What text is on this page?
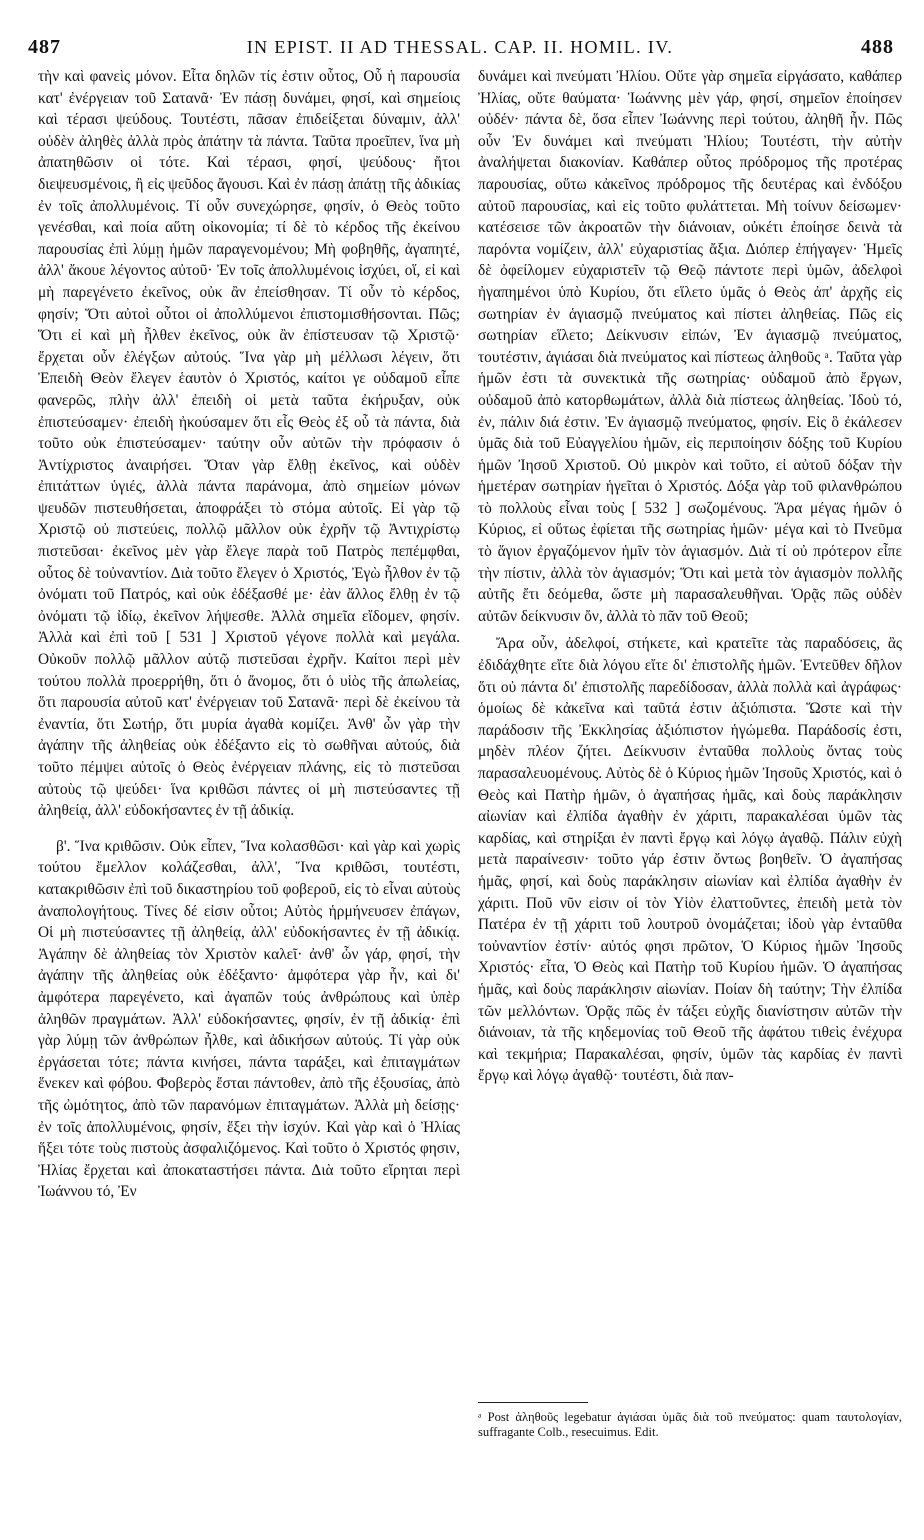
487	IN EPIST. II AD THESSAL. CAP. II. HOMIL. IV.	488

τὴν καὶ φανεὶς μόνον. Εἶτα δηλῶν τίς ἐστιν οὗτος, Οὗ ἡ παρουσία κατ' ἐνέργειαν τοῦ Σατανᾶ· Ἐν πάσῃ δυνάμει, φησί, καὶ σημείοις καὶ τέρασι ψεύδους. Τουτέστι, πᾶσαν ἐπιδείξεται δύναμιν, ἀλλ' οὐδὲν ἀληθὲς ἀλλὰ πρὸς ἀπάτην τὰ πάντα. Ταῦτα προεῖπεν, ἵνα μὴ ἀπατηθῶσιν οἱ τότε. Καὶ τέρασι, φησί, ψεύδους· ἤτοι διεψευσμένοις, ἢ εἰς ψεῦδος ἄγουσι. Καὶ ἐν πάσῃ ἀπάτῃ τῆς ἀδικίας ἐν τοῖς ἀπολλυμένοις. Τί οὖν συνεχώρησε, φησίν, ὁ Θεὸς τοῦτο γενέσθαι, καὶ ποία αὕτη οἰκονομία; τί δὲ τὸ κέρδος τῆς ἐκείνου παρουσίας ἐπὶ λύμῃ ἡμῶν παραγενομένου; Μὴ φοβηθῆς, ἀγαπητέ, ἀλλ' ἄκουε λέγοντος αὐτοῦ· Ἐν τοῖς ἀπολλυμένοις ἰσχύει, οἵ, εἰ καὶ μὴ παρεγένετο ἐκεῖνος, οὐκ ἂν ἐπείσθησαν. Τί οὖν τὸ κέρδος, φησίν; Ὅτι αὐτοὶ οὗτοι οἱ ἀπολλύμενοι ἐπιστομισθήσονται. Πῶς; Ὅτι εἰ καὶ μὴ ἦλθεν ἐκεῖνος, οὐκ ἂν ἐπίστευσαν τῷ Χριστῷ· ἔρχεται οὖν ἐλέγξων αὐτούς. Ἵνα γὰρ μὴ μέλλωσι λέγειν, ὅτι Ἐπειδὴ Θεὸν ἔλεγεν ἑαυτὸν ὁ Χριστός, καίτοι γε οὐδαμοῦ εἶπε φανερῶς, πλὴν ἀλλ' ἐπειδὴ οἱ μετὰ ταῦτα ἐκήρυξαν, οὐκ ἐπιστεύσαμεν· ἐπειδὴ ἠκούσαμεν ὅτι εἷς Θεὸς ἐξ οὗ τὰ πάντα, διὰ τοῦτο οὐκ ἐπιστεύσαμεν· ταύτην οὖν αὐτῶν τὴν πρόφασιν ὁ Ἀντίχριστος ἀναιρήσει. Ὅταν γὰρ ἔλθῃ ἐκεῖνος, καὶ οὐδὲν ἐπιτάττων ὑγιές, ἀλλὰ πάντα παράνομα, ἀπὸ σημείων μόνων ψευδῶν πιστευθήσεται, ἀποφράξει τὸ στόμα αὐτοῖς. Εἰ γὰρ τῷ Χριστῷ οὐ πιστεύεις, πολλῷ μᾶλλον οὐκ ἐχρῆν τῷ Ἀντιχρίστῳ πιστεῦσαι· ἐκεῖνος μὲν γὰρ ἔλεγε παρὰ τοῦ Πατρὸς πεπέμφθαι, οὗτος δὲ τοὐναντίον. Διὰ τοῦτο ἔλεγεν ὁ Χριστός, Ἐγὼ ἦλθον ἐν τῷ ὀνόματι τοῦ Πατρός, καὶ οὐκ ἐδέξασθέ με· ἐὰν ἄλλος ἔλθῃ ἐν τῷ ὀνόματι τῷ ἰδίῳ, ἐκεῖνον λήψεσθε. Ἀλλὰ σημεῖα εἴδομεν, φησίν. Ἀλλὰ καὶ ἐπὶ τοῦ [ 531 ] Χριστοῦ γέγονε πολλὰ καὶ μεγάλα. Οὐκοῦν πολλῷ μᾶλλον αὐτῷ πιστεῦσαι ἐχρῆν. Καίτοι περὶ μὲν τούτου πολλὰ προερρήθη, ὅτι ὁ ἄνομος, ὅτι ὁ υἱὸς τῆς ἀπωλείας, ὅτι παρουσία αὐτοῦ κατ' ἐνέργειαν τοῦ Σατανᾶ· περὶ δὲ ἐκείνου τὰ ἐναντία, ὅτι Σωτήρ, ὅτι μυρία ἀγαθὰ κομίζει. Ἀνθ' ὧν γὰρ τὴν ἀγάπην τῆς ἀληθείας οὐκ ἐδέξαντο εἰς τὸ σωθῆναι αὐτούς, διὰ τοῦτο πέμψει αὐτοῖς ὁ Θεὸς ἐνέργειαν πλάνης, εἰς τὸ πιστεῦσαι αὐτοὺς τῷ ψεύδει· ἵνα κριθῶσι πάντες οἱ μὴ πιστεύσαντες τῇ ἀληθείᾳ, ἀλλ' εὐδοκήσαντες ἐν τῇ ἀδικίᾳ.

β'. Ἵνα κριθῶσιν. Οὐκ εἶπεν, Ἵνα κολασθῶσι· καὶ γὰρ καὶ χωρὶς τούτου ἔμελλον κολάζεσθαι, ἀλλ', Ἵνα κριθῶσι, τουτέστι, κατακριθῶσιν ἐπὶ τοῦ δικαστηρίου τοῦ φοβεροῦ, εἰς τὸ εἶναι αὐτοὺς ἀναπολογήτους. Τίνες δέ εἰσιν οὗτοι; Αὐτὸς ἡρμήνευσεν ἐπάγων, Οἱ μὴ πιστεύσαντες τῇ ἀληθείᾳ, ἀλλ' εὐδοκήσαντες ἐν τῇ ἀδικίᾳ. Ἀγάπην δὲ ἀληθείας τὸν Χριστὸν καλεῖ· ἀνθ' ὧν γάρ, φησί, τὴν ἀγάπην τῆς ἀληθείας οὐκ ἐδέξαντο· ἀμφότερα γὰρ ἦν, καὶ δι' ἀμφότερα παρεγένετο, καὶ ἀγαπῶν τούς ἀνθρώπους καὶ ὑπὲρ ἀληθῶν πραγμάτων. Ἀλλ' εὐδοκήσαντες, φησίν, ἐν τῇ ἀδικίᾳ· ἐπὶ γὰρ λύμῃ τῶν ἀνθρώπων ἦλθε, καὶ ἀδικήσων αὐτούς. Τί γὰρ οὐκ ἐργάσεται τότε; πάντα κινήσει, πάντα ταράξει, καὶ ἐπιταγμάτων ἕνεκεν καὶ φόβου. Φοβερὸς ἔσται πάντοθεν, ἀπὸ τῆς ἐξουσίας, ἀπὸ τῆς ὠμότητος, ἀπὸ τῶν παρανόμων ἐπιταγμάτων. Ἀλλὰ μὴ δείσῃς· ἐν τοῖς ἀπολλυμένοις, φησίν, ἕξει τὴν ἰσχύν. Καὶ γὰρ καὶ ὁ Ἠλίας ἥξει τότε τοὺς πιστοὺς ἀσφαλιζόμενος. Καὶ τοῦτο ὁ Χριστός φησιν, Ἠλίας ἔρχεται καὶ ἀποκαταστήσει πάντα. Διὰ τοῦτο εἴρηται περὶ Ἰωάννου τό, Ἐν

δυνάμει καὶ πνεύματι Ἠλίου. Οὔτε γὰρ σημεῖα εἰργάσατο, καθάπερ Ἠλίας, οὔτε θαύματα· Ἰωάννης μὲν γάρ, φησί, σημεῖον ἐποίησεν οὐδέν· πάντα δὲ, ὅσα εἶπεν Ἰωάννης περὶ τούτου, ἀληθῆ ἦν. Πῶς οὖν Ἐν δυνάμει καὶ πνεύματι Ἠλίου; Τουτέστι, τὴν αὐτὴν ἀναλήψεται διακονίαν. Καθάπερ οὗτος πρόδρομος τῆς προτέρας παρουσίας, οὕτω κἀκεῖνος πρόδρομος τῆς δευτέρας καὶ ἐνδόξου αὐτοῦ παρουσίας, καὶ εἰς τοῦτο φυλάττεται. Μὴ τοίνυν δείσωμεν· κατέσεισε τῶν ἀκροατῶν τὴν διάνοιαν, οὐκέτι ἐποίησε δεινὰ τὰ παρόντα νομίζειν, ἀλλ' εὐχαριστίας ἄξια. Διόπερ ἐπήγαγεν· Ἡμεῖς δὲ ὀφείλομεν εὐχαριστεῖν τῷ Θεῷ πάντοτε περὶ ὑμῶν, ἀδελφοὶ ἠγαπημένοι ὑπὸ Κυρίου, ὅτι εἵλετο ὑμᾶς ὁ Θεὸς ἀπ' ἀρχῆς εἰς σωτηρίαν ἐν ἁγιασμῷ πνεύματος καὶ πίστει ἀληθείας. Πῶς εἰς σωτηρίαν εἵλετο; Δείκνυσιν εἰπών, Ἐν ἁγιασμῷ πνεύματος, τουτέστιν, ἁγιάσαι διὰ πνεύματος καὶ πίστεως ἀληθοῦς ᵃ. Ταῦτα γὰρ ἡμῶν ἐστι τὰ συνεκτικὰ τῆς σωτηρίας· οὐδαμοῦ ἀπὸ ἔργων, οὐδαμοῦ ἀπὸ κατορθωμάτων, ἀλλὰ διὰ πίστεως ἀληθείας. Ἰδοὺ τό, ἐν, πάλιν διά ἐστιν. Ἐν ἁγιασμῷ πνεύματος, φησίν. Εἰς ὃ ἐκάλεσεν ὑμᾶς διὰ τοῦ Εὐαγγελίου ἡμῶν, εἰς περιποίησιν δόξης τοῦ Κυρίου ἡμῶν Ἰησοῦ Χριστοῦ. Οὐ μικρὸν καὶ τοῦτο, εἰ αὐτοῦ δόξαν τὴν ἡμετέραν σωτηρίαν ἡγεῖται ὁ Χριστός. Δόξα γὰρ τοῦ φιλανθρώπου τὸ πολλοὺς εἶναι τοὺς [ 532 ] σωζομένους. Ἄρα μέγας ἡμῶν ὁ Κύριος, εἰ οὕτως ἐφίεται τῆς σωτηρίας ἡμῶν· μέγα καὶ τὸ Πνεῦμα τὸ ἅγιον ἐργαζόμενον ἡμῖν τὸν ἁγιασμόν. Διὰ τί οὐ πρότερον εἶπε τὴν πίστιν, ἀλλὰ τὸν ἁγιασμόν; Ὅτι καὶ μετὰ τὸν ἁγιασμὸν πολλῆς αὐτῆς ἔτι δεόμεθα, ὥστε μὴ παρασαλευθῆναι. Ὁρᾷς πῶς οὐδὲν αὐτῶν δείκνυσιν ὄν, ἀλλὰ τὸ πᾶν τοῦ Θεοῦ;

Ἄρα οὖν, ἀδελφοί, στήκετε, καὶ κρατεῖτε τὰς παραδόσεις, ἃς ἐδιδάχθητε εἴτε διὰ λόγου εἴτε δι' ἐπιστολῆς ἡμῶν. Ἐντεῦθεν δῆλον ὅτι οὐ πάντα δι' ἐπιστολῆς παρεδίδοσαν, ἀλλὰ πολλὰ καὶ ἀγράφως· ὁμοίως δὲ κἀκεῖνα καὶ ταῦτά ἐστιν ἀξιόπιστα. Ὥστε καὶ τὴν παράδοσιν τῆς Ἐκκλησίας ἀξιόπιστον ἡγώμεθα. Παράδοσίς ἐστι, μηδὲν πλέον ζήτει. Δείκνυσιν ἐνταῦθα πολλοὺς ὄντας τοὺς παρασαλευομένους. Αὐτὸς δὲ ὁ Κύριος ἡμῶν Ἰησοῦς Χριστός, καὶ ὁ Θεὸς καὶ Πατὴρ ἡμῶν, ὁ ἀγαπήσας ἡμᾶς, καὶ δοὺς παράκλησιν αἰωνίαν καὶ ἐλπίδα ἀγαθὴν ἐν χάριτι, παρακαλέσαι ὑμῶν τὰς καρδίας, καὶ στηρίξαι ἐν παντὶ ἔργῳ καὶ λόγῳ ἀγαθῷ. Πάλιν εὐχὴ μετὰ παραίνεσιν· τοῦτο γάρ ἐστιν ὄντως βοηθεῖν. Ὁ ἀγαπήσας ἡμᾶς, φησί, καὶ δοὺς παράκλησιν αἰωνίαν καὶ ἐλπίδα ἀγαθὴν ἐν χάριτι. Ποῦ νῦν εἰσιν οἱ τὸν Υἱὸν ἐλαττοῦντες, ἐπειδὴ μετὰ τὸν Πατέρα ἐν τῇ χάριτι τοῦ λουτροῦ ὀνομάζεται; ἰδοὺ γὰρ ἐνταῦθα τοὐναντίον ἐστίν· αὐτός φησι πρῶτον, Ὁ Κύριος ἡμῶν Ἰησοῦς Χριστός· εἶτα, Ὁ Θεὸς καὶ Πατὴρ τοῦ Κυρίου ἡμῶν. Ὁ ἀγαπήσας ἡμᾶς, καὶ δοὺς παράκλησιν αἰωνίαν. Ποίαν δὴ ταύτην; Τὴν ἐλπίδα τῶν μελλόντων. Ὁρᾷς πῶς ἐν τάξει εὐχῆς διανίστησιν αὐτῶν τὴν διάνοιαν, τὰ τῆς κηδεμονίας τοῦ Θεοῦ τῆς ἀφάτου τιθεὶς ἐνέχυρα καὶ τεκμήρια; Παρακαλέσαι, φησίν, ὑμῶν τὰς καρδίας ἐν παντὶ ἔργῳ καὶ λόγῳ ἀγαθῷ· τουτέστι, διὰ παν-

ᵃ Post ἀληθοῦς legebatur ἁγιάσαι ὑμᾶς διὰ τοῦ πνεύματος: quam ταυτολογίαν, suffragante Colb., resecuimus. Edit.
